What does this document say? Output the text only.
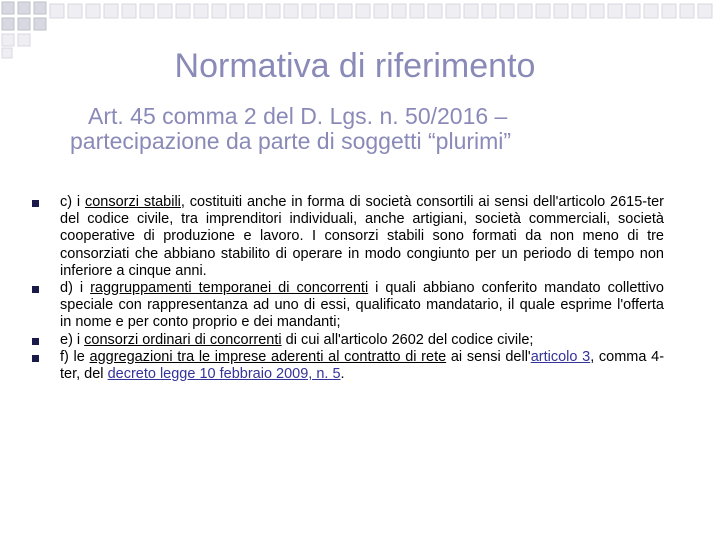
Normativa di riferimento
Art. 45 comma 2 del D. Lgs. n. 50/2016 –
partecipazione da parte di soggetti “plurimi”
c) i consorzi stabili, costituiti anche in forma di società consortili ai sensi dell'articolo 2615-ter del codice civile, tra imprenditori individuali, anche artigiani, società commerciali, società cooperative di produzione e lavoro. I consorzi stabili sono formati da non meno di tre consorziati che abbiano stabilito di operare in modo congiunto per un periodo di tempo non inferiore a cinque anni.
d) i raggruppamenti temporanei di concorrenti i quali abbiano conferito mandato collettivo speciale con rappresentanza ad uno di essi, qualificato mandatario, il quale esprime l'offerta in nome e per conto proprio e dei mandanti;
e) i consorzi ordinari di concorrenti di cui all'articolo 2602 del codice civile;
f) le aggregazioni tra le imprese aderenti al contratto di rete ai sensi dell'articolo 3, comma 4-ter, del decreto legge 10 febbraio 2009, n. 5.
